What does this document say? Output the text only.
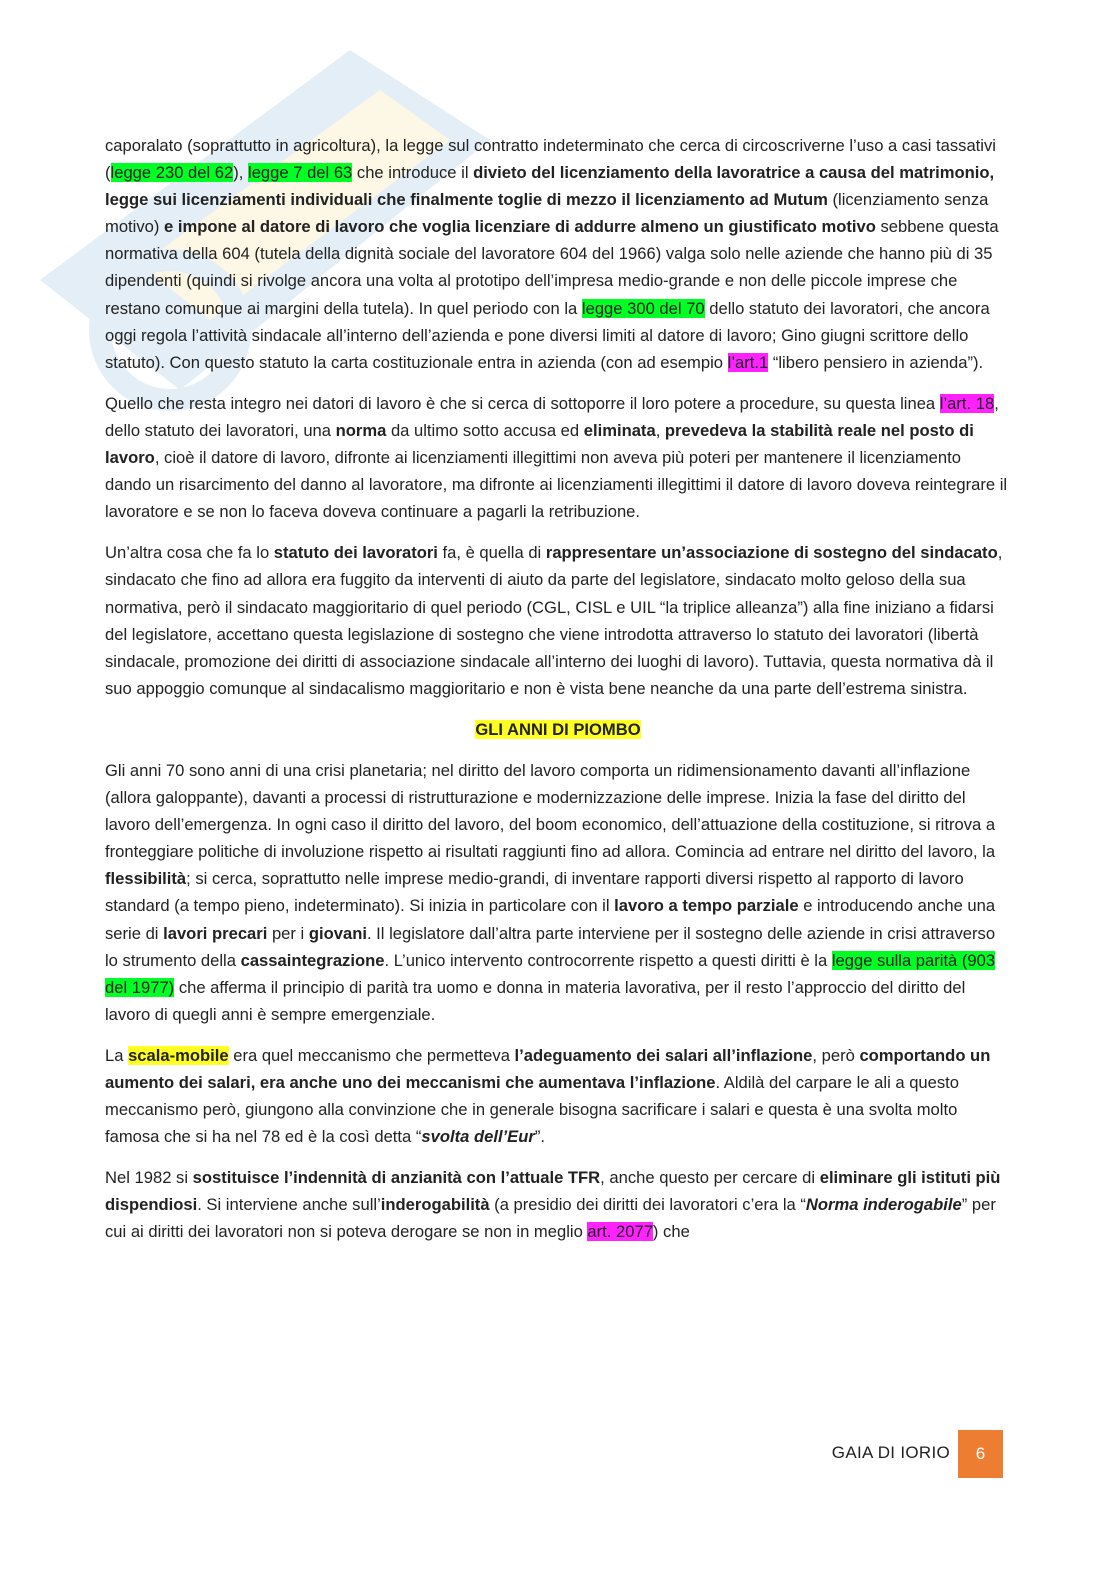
caporalato (soprattutto in agricoltura), la legge sul contratto indeterminato che cerca di circoscriverne l’uso a casi tassativi (legge 230 del 62), legge 7 del 63 che introduce il divieto del licenziamento della lavoratrice a causa del matrimonio, legge sui licenziamenti individuali che finalmente toglie di mezzo il licenziamento ad Mutum (licenziamento senza motivo) e impone al datore di lavoro che voglia licenziare di addurre almeno un giustificato motivo sebbene questa normativa della 604 (tutela della dignità sociale del lavoratore 604 del 1966) valga solo nelle aziende che hanno più di 35 dipendenti (quindi si rivolge ancora una volta al prototipo dell’impresa medio-grande e non delle piccole imprese che restano comunque ai margini della tutela). In quel periodo con la legge 300 del 70 dello statuto dei lavoratori, che ancora oggi regola l’attività sindacale all’interno dell’azienda e pone diversi limiti al datore di lavoro; Gino giugni scrittore dello statuto). Con questo statuto la carta costituzionale entra in azienda (con ad esempio l’art.1 “libero pensiero in azienda”).

Quello che resta integro nei datori di lavoro è che si cerca di sottoporre il loro potere a procedure, su questa linea l’art. 18, dello statuto dei lavoratori, una norma da ultimo sotto accusa ed eliminata, prevedeva la stabilità reale nel posto di lavoro, cioè il datore di lavoro, difronte ai licenziamenti illegittimi non aveva più poteri per mantenere il licenziamento dando un risarcimento del danno al lavoratore, ma difronte ai licenziamenti illegittimi il datore di lavoro doveva reintegrare il lavoratore e se non lo faceva doveva continuare a pagarli la retribuzione.

Un’altra cosa che fa lo statuto dei lavoratori fa, è quella di rappresentare un’associazione di sostegno del sindacato, sindacato che fino ad allora era fuggito da interventi di aiuto da parte del legislatore, sindacato molto geloso della sua normativa, però il sindacato maggioritario di quel periodo (CGL, CISL e UIL “la triplice alleanza”) alla fine iniziano a fidarsi del legislatore, accettano questa legislazione di sostegno che viene introdotta attraverso lo statuto dei lavoratori (libertà sindacale, promozione dei diritti di associazione sindacale all’interno dei luoghi di lavoro). Tuttavia, questa normativa dà il suo appoggio comunque al sindacalismo maggioritario e non è vista bene neanche da una parte dell’estrema sinistra.

GLI ANNI DI PIOMBO

Gli anni 70 sono anni di una crisi planetaria; nel diritto del lavoro comporta un ridimensionamento davanti all’inflazione (allora galoppante), davanti a processi di ristrutturazione e modernizzazione delle imprese. Inizia la fase del diritto del lavoro dell’emergenza. In ogni caso il diritto del lavoro, del boom economico, dell’attuazione della costituzione, si ritrova a fronteggiare politiche di involuzione rispetto ai risultati raggiunti fino ad allora. Comincia ad entrare nel diritto del lavoro, la flessibilità; si cerca, soprattutto nelle imprese medio-grandi, di inventare rapporti diversi rispetto al rapporto di lavoro standard (a tempo pieno, indeterminato). Si inizia in particolare con il lavoro a tempo parziale e introducendo anche una serie di lavori precari per i giovani. Il legislatore dall’altra parte interviene per il sostegno delle aziende in crisi attraverso lo strumento della cassaintegrazione. L’unico intervento controcorrente rispetto a questi diritti è la legge sulla parità (903 del 1977) che afferma il principio di parità tra uomo e donna in materia lavorativa, per il resto l’approccio del diritto del lavoro di quegli anni è sempre emergenziale.

La scala-mobile era quel meccanismo che permetteva l’adeguamento dei salari all’inflazione, però comportando un aumento dei salari, era anche uno dei meccanismi che aumentava l’inflazione. Aldilà del carpare le ali a questo meccanismo però, giungono alla convinzione che in generale bisogna sacrificare i salari e questa è una svolta molto famosa che si ha nel 78 ed è la così detta “svolta dell’Eur”.

Nel 1982 si sostituisce l’indennità di anzianità con l’attuale TFR, anche questo per cercare di eliminare gli istituti più dispendiosi. Si interviene anche sull’inderogabilità (a presidio dei diritti dei lavoratori c’era la “Norma inderogabile” per cui ai diritti dei lavoratori non si poteva derogare se non in meglio art. 2077) che

GAIA DI IORIO	6
